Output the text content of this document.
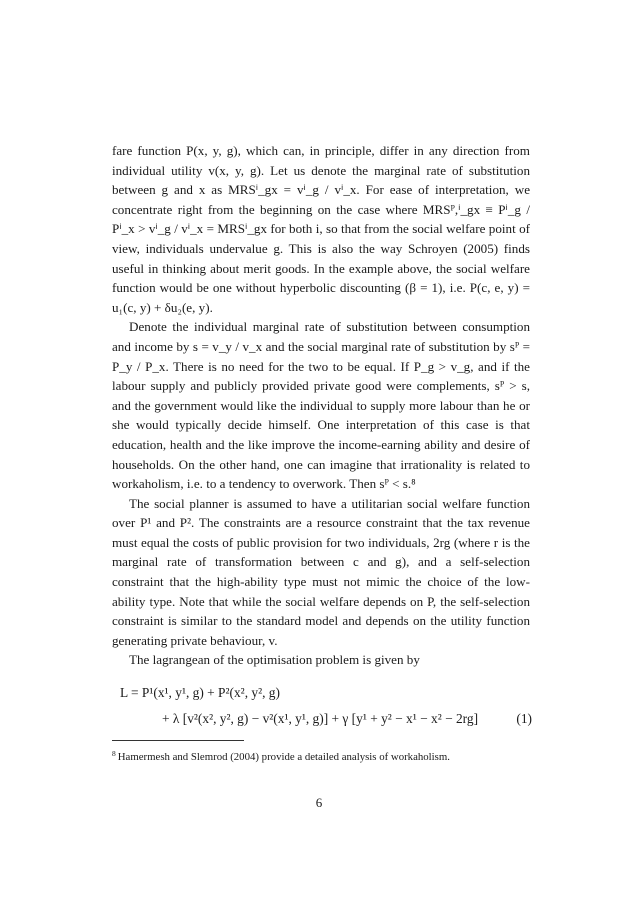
fare function P(x, y, g), which can, in principle, differ in any direction from individual utility v(x, y, g). Let us denote the marginal rate of substitution between g and x as MRSⁱ_gx = vⁱ_g / vⁱ_x. For ease of interpretation, we concentrate right from the beginning on the case where MRSᴾ,ⁱ_gx ≡ Pⁱ_g / Pⁱ_x > vⁱ_g / vⁱ_x = MRSⁱ_gx for both i, so that from the social welfare point of view, individuals undervalue g. This is also the way Schroyen (2005) finds useful in thinking about merit goods. In the example above, the social welfare function would be one without hyperbolic discounting (β = 1), i.e. P(c, e, y) = u₁(c, y) + δu₂(e, y).

Denote the individual marginal rate of substitution between consumption and income by s = v_y / v_x and the social marginal rate of substitution by sᴾ = P_y / P_x. There is no need for the two to be equal. If P_g > v_g, and if the labour supply and publicly provided private good were complements, sᴾ > s, and the government would like the individual to supply more labour than he or she would typically decide himself. One interpretation of this case is that education, health and the like improve the income-earning ability and desire of households. On the other hand, one can imagine that irrationality is related to workaholism, i.e. to a tendency to overwork. Then sᴾ < s.⁸

The social planner is assumed to have a utilitarian social welfare function over P¹ and P². The constraints are a resource constraint that the tax revenue must equal the costs of public provision for two individuals, 2rg (where r is the marginal rate of transformation between c and g), and a self-selection constraint that the high-ability type must not mimic the choice of the low-ability type. Note that while the social welfare depends on P, the self-selection constraint is similar to the standard model and depends on the utility function generating private behaviour, v.

The lagrangean of the optimisation problem is given by

L = P¹(x¹, y¹, g) + P²(x², y², g)
+ λ [v²(x², y², g) − v²(x¹, y¹, g)] + γ [y¹ + y² − x¹ − x² − 2rg]	(1)
$^8$ Hamermesh and Slemrod (2004) provide a detailed analysis of workaholism.
6
